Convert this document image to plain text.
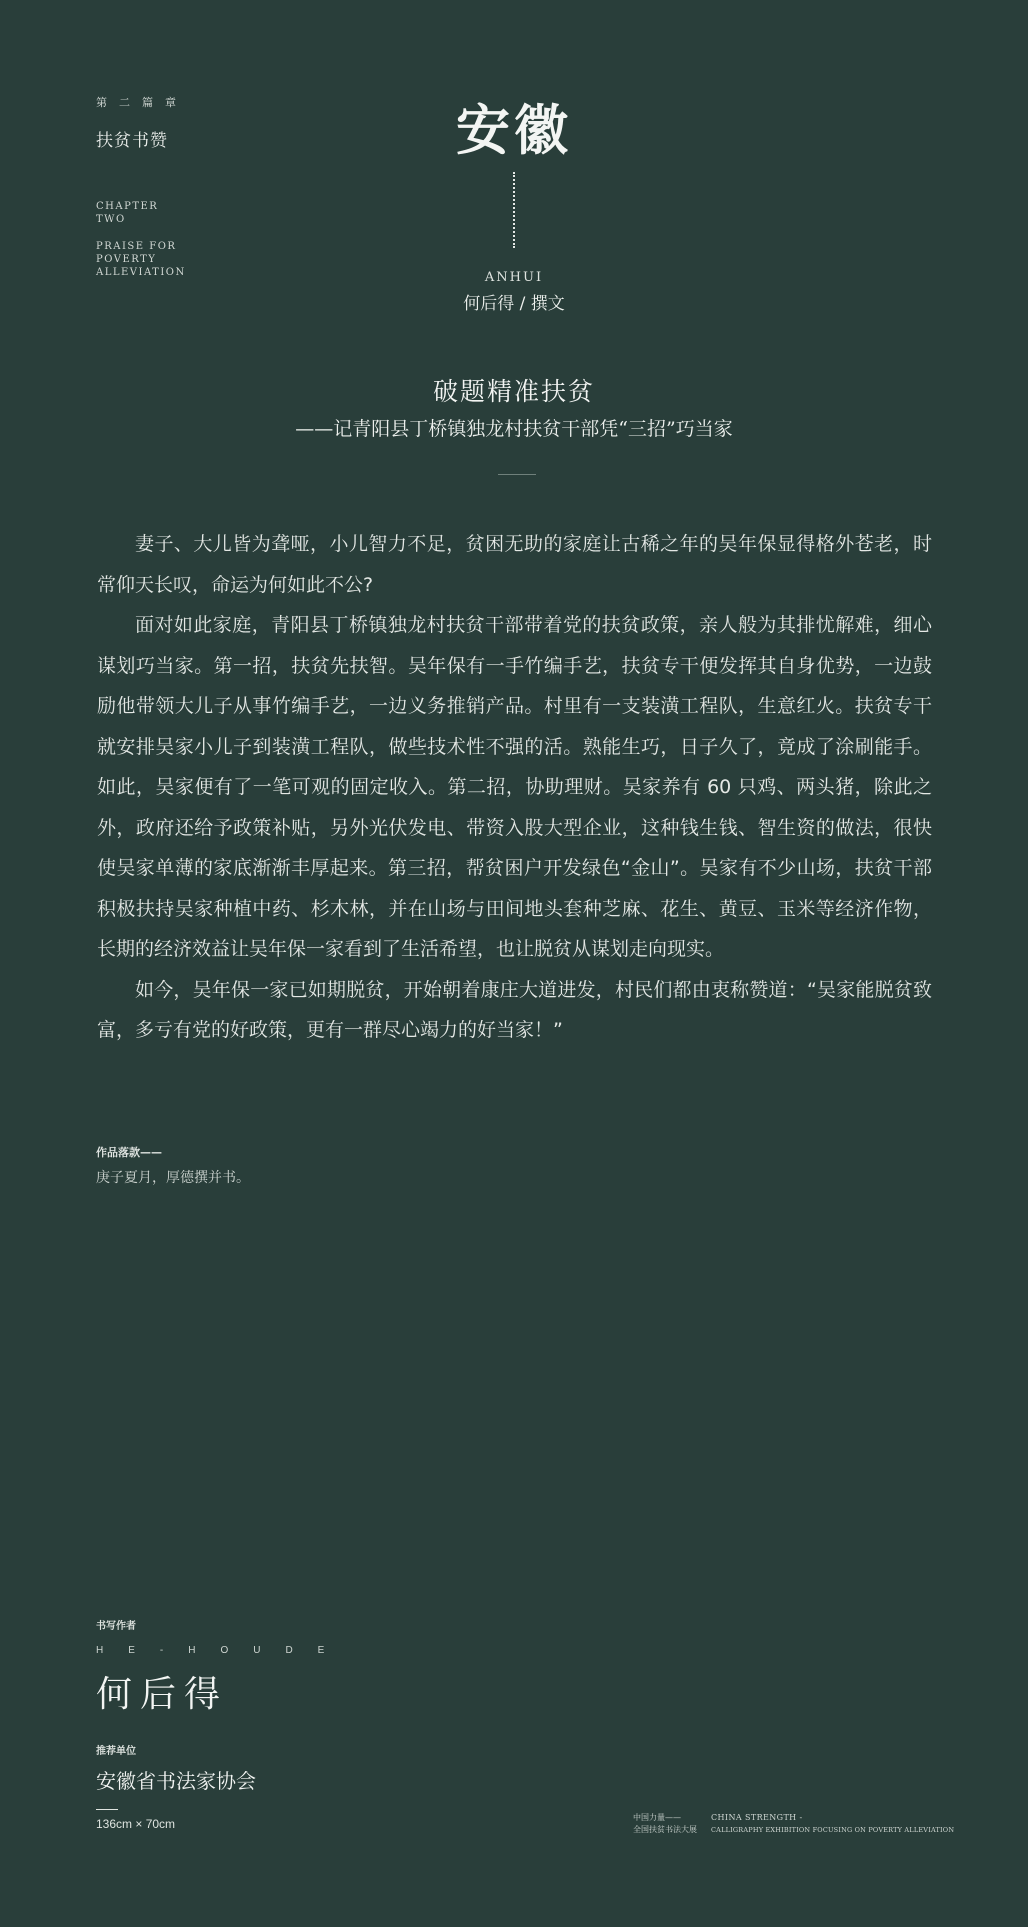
第二篇章
扶贫书赞
CHAPTER
TWO
PRAISE FOR
POVERTY
ALLEVIATION
安徽
ANHUI
何后得 / 撰文
破题精准扶贫
——记青阳县丁桥镇独龙村扶贫干部凭“三招”巧当家

妻子、大儿皆为聋哑，小儿智力不足，贫困无助的家庭让古稀之年的吴年保显得格外苍老，时常仰天长叹，命运为何如此不公?

面对如此家庭，青阳县丁桥镇独龙村扶贫干部带着党的扶贫政策，亲人般为其排忧解难，细心谋划巧当家。第一招，扶贫先扶智。吴年保有一手竹编手艺，扶贫专干便发挥其自身优势，一边鼓励他带领大儿子从事竹编手艺，一边义务推销产品。村里有一支装潢工程队，生意红火。扶贫专干就安排吴家小儿子到装潢工程队，做些技术性不强的活。熟能生巧，日子久了，竟成了涂刷能手。如此，吴家便有了一笔可观的固定收入。第二招，协助理财。吴家养有 60 只鸡、两头猪，除此之外，政府还给予政策补贴，另外光伏发电、带资入股大型企业，这种钱生钱、智生资的做法，很快使吴家单薄的家底渐渐丰厚起来。第三招，帮贫困户开发绿色“金山”。吴家有不少山场，扶贫干部积极扶持吴家种植中药、杉木林，并在山场与田间地头套种芝麻、花生、黄豆、玉米等经济作物，长期的经济效益让吴年保一家看到了生活希望，也让脱贫从谋划走向现实。

如今，吴年保一家已如期脱贫，开始朝着康庄大道进发，村民们都由衷称赞道：“吴家能脱贫致富，多亏有党的好政策，更有一群尽心竭力的好当家！”

作品落款——
庚子夏月，厚德撰并书。
书写作者
HE-HOUDE
何后得
推荐单位
安徽省书法家协会
136cm × 70cm	中国力量——
全国扶贫书法大展
CHINA STRENGTH -
CALLIGRAPHY EXHIBITION FOCUSING ON POVERTY ALLEVIATION
